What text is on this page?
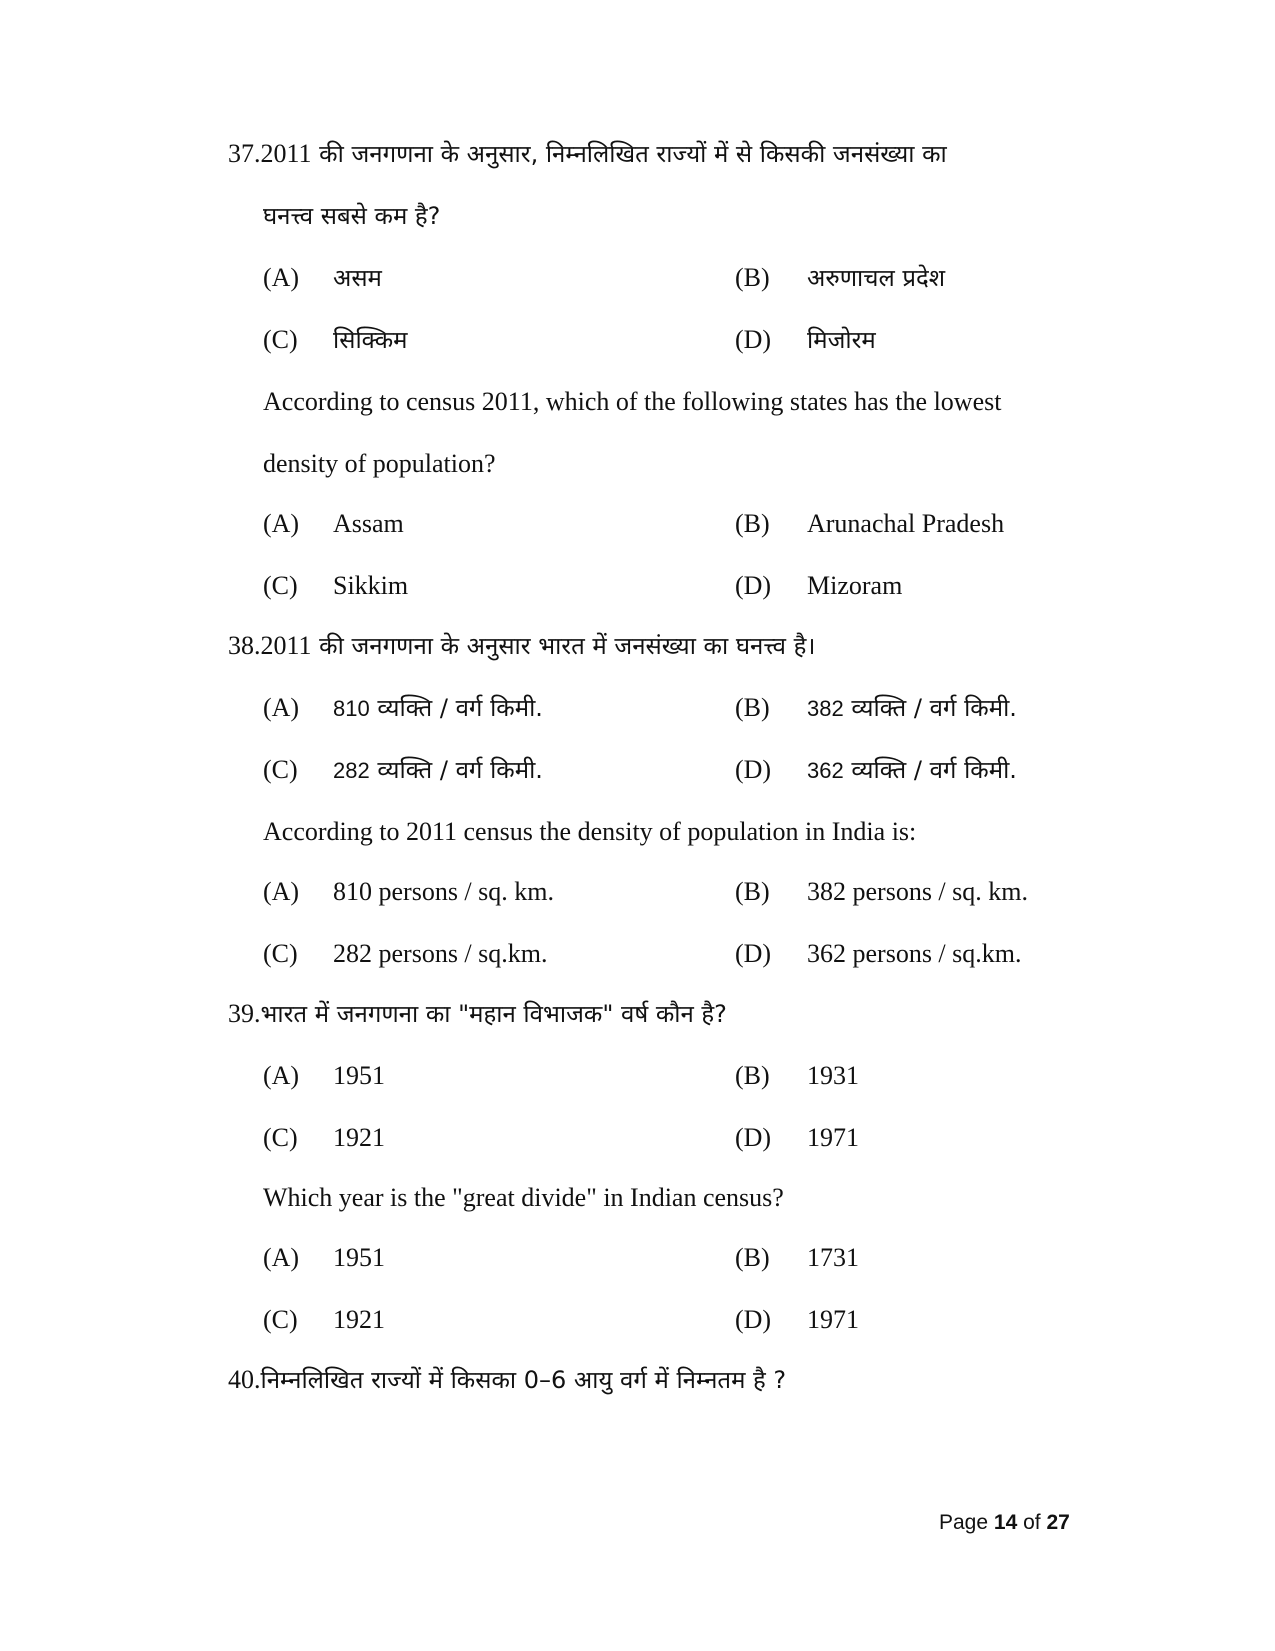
37.2011 की जनगणना के अनुसार, निम्नलिखित राज्यों में से किसकी जनसंख्या का
घनत्त्व सबसे कम है?
(A) असम	(B) अरुणाचल प्रदेश
(C) सिक्किम	(D) मिजोरम
According to census 2011, which of the following states has the lowest
density of population?
(A) Assam	(B) Arunachal Pradesh
(C) Sikkim	(D) Mizoram
38.2011 की जनगणना के अनुसार भारत में जनसंख्या का घनत्त्व है।
(A) 810 व्यक्ति / वर्ग किमी.	(B) 382 व्यक्ति / वर्ग किमी.
(C) 282 व्यक्ति / वर्ग किमी.	(D) 362 व्यक्ति / वर्ग किमी.
According to 2011 census the density of population in India is:
(A) 810 persons / sq. km.	(B) 382 persons / sq. km.
(C) 282 persons / sq.km.	(D) 362 persons / sq.km.
39.भारत में जनगणना का "महान विभाजक" वर्ष कौन है?
(A) 1951	(B) 1931
(C) 1921	(D) 1971
Which year is the "great divide" in Indian census?
(A) 1951	(B) 1731
(C) 1921	(D) 1971
40.निम्नलिखित राज्यों में किसका 0–6 आयु वर्ग में निम्नतम है ?
Page 14 of 27
